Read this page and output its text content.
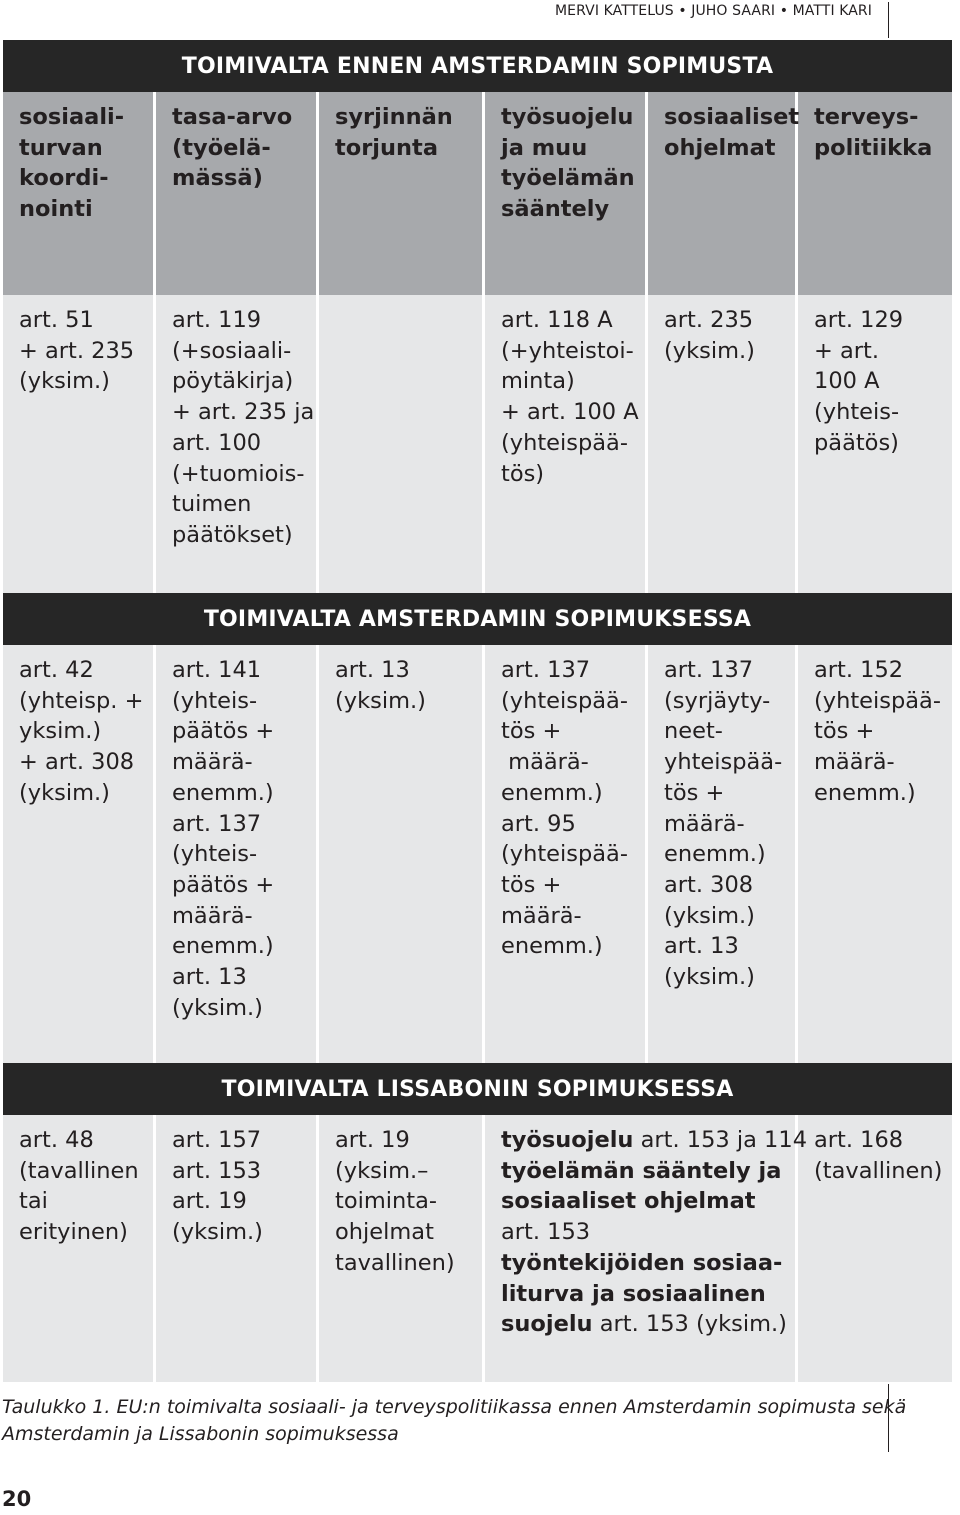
MERVI KATTELUS • JUHO SAARI • MATTI KARI
TOIMIVALTA ENNEN AMSTERDAMIN SOPIMUSTA
sosiaali-
turvan
koordi-
nointi
tasa-arvo
(työelä-
mässä)
syrjinnän
torjunta
työsuojelu
ja muu
työelämän
sääntely
sosiaaliset
ohjelmat
terveys-
politiikka
art. 51
+ art. 235
(yksim.)
art. 119
(+sosiaali-
pöytäkirja)
+ art. 235 ja
art. 100
(+tuomiois-
tuimen
päätökset)
art. 118 A
(+yhteistoi-
minta)
+ art. 100 A
(yhteispää-
tös)
art. 235
(yksim.)
art. 129
+ art.
100 A
(yhteis-
päätös)
TOIMIVALTA AMSTERDAMIN SOPIMUKSESSA
art. 42
(yhteisp. +
yksim.)
+ art. 308
(yksim.)
art. 141
(yhteis-
päätös +
määrä-
enemm.)
art. 137
(yhteis-
päätös +
määrä-
enemm.)
art. 13
(yksim.)
art. 13
(yksim.)
art. 137
(yhteispää-
tös +
määrä-
enemm.)
art. 95
(yhteispää-
tös +
määrä-
enemm.)
art. 137
(syrjäyty-
neet-
yhteispää-
tös +
määrä-
enemm.)
art. 308
(yksim.)
art. 13
(yksim.)
art. 152
(yhteispää-
tös +
määrä-
enemm.)
TOIMIVALTA LISSABONIN SOPIMUKSESSA
art. 48
(tavallinen
tai
erityinen)
art. 157
art. 153
art. 19
(yksim.)
art. 19
(yksim.–
toiminta-
ohjelmat
tavallinen)
työsuojelu art. 153 ja 114
työelämän sääntely ja
sosiaaliset ohjelmat
art. 153
työntekijöiden sosiaa-
liturva ja sosiaalinen
suojelu art. 153 (yksim.)
art. 168
(tavallinen)
Taulukko 1. EU:n toimivalta sosiaali- ja terveyspolitiikassa ennen Amsterdamin sopimusta sekä
Amsterdamin ja Lissabonin sopimuksessa
20
